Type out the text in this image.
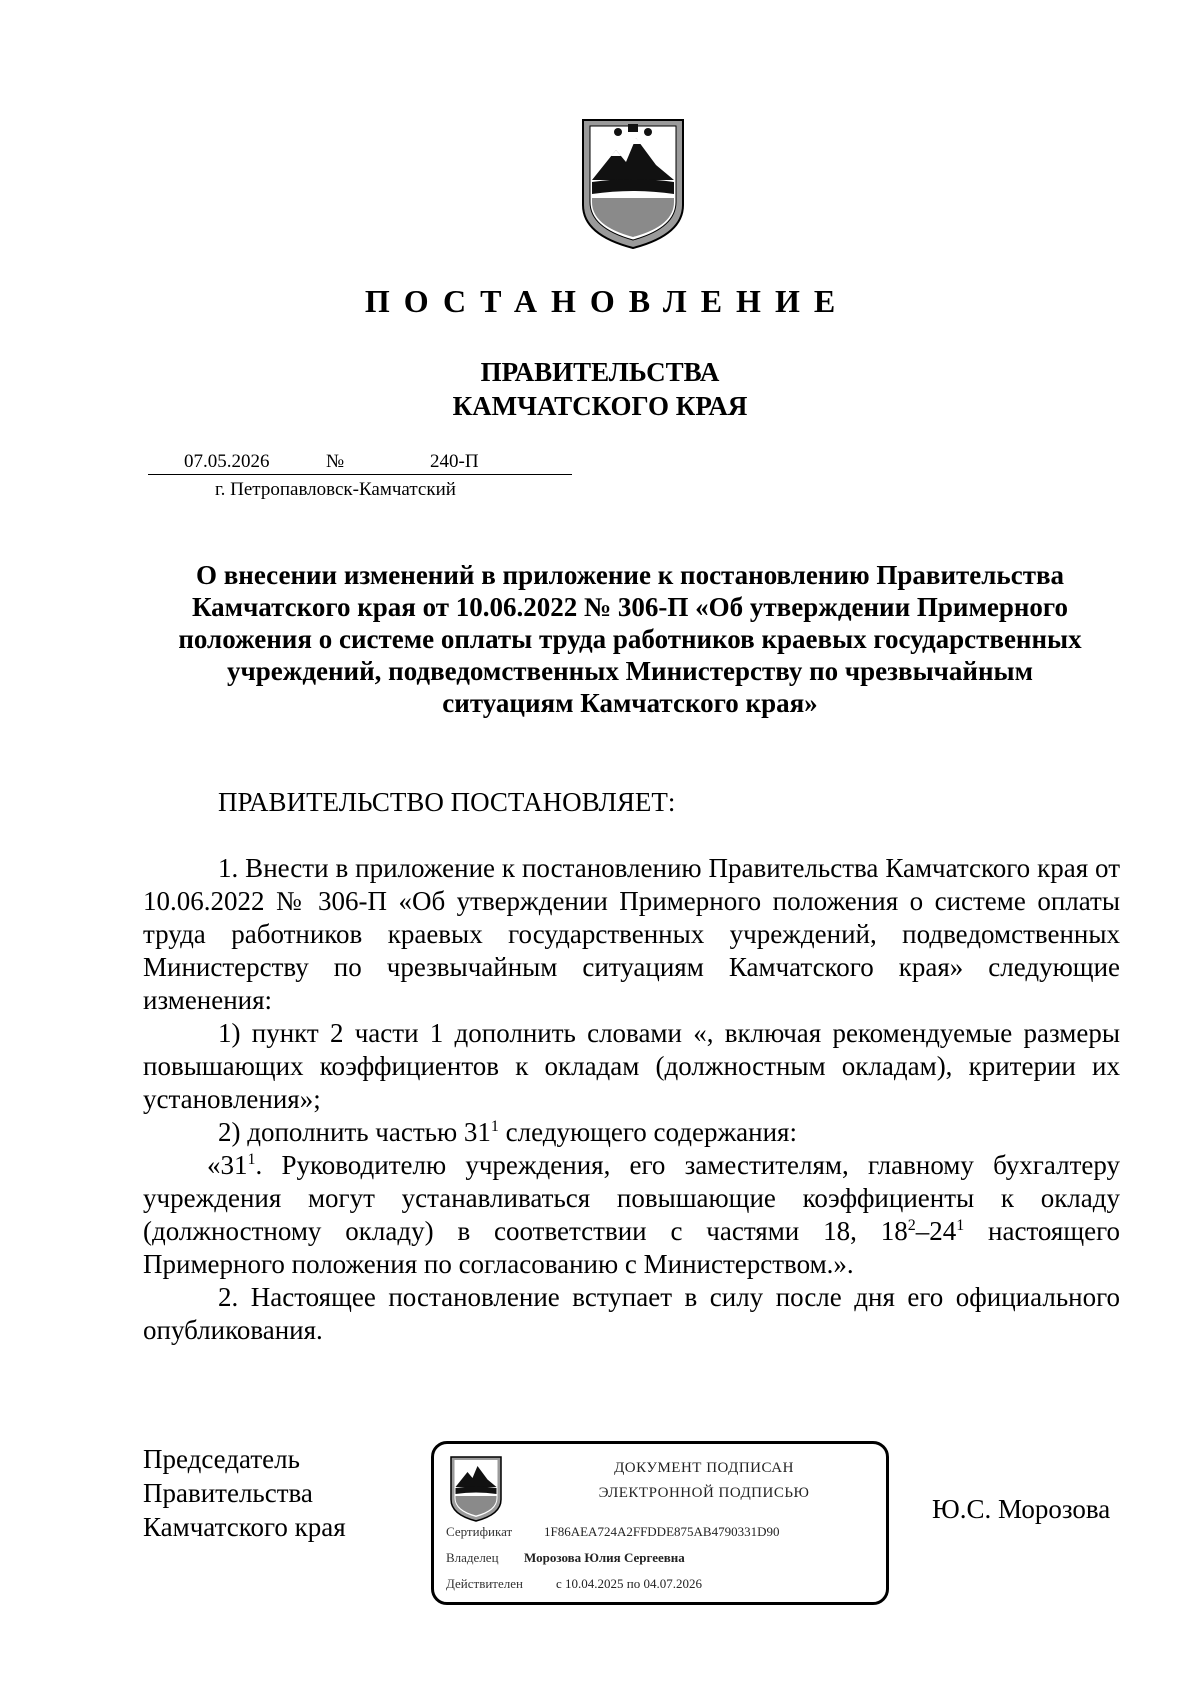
ПОСТАНОВЛЕНИЕ
ПРАВИТЕЛЬСТВА
КАМЧАТСКОГО КРАЯ
07.05.2026	№	240-П
г. Петропавловск-Камчатский
О внесении изменений в приложение к постановлению Правительства
Камчатского края от 10.06.2022 № 306-П «Об утверждении Примерного
положения о системе оплаты труда работников краевых государственных
учреждений, подведомственных Министерству по чрезвычайным
ситуациям Камчатского края»
ПРАВИТЕЛЬСТВО ПОСТАНОВЛЯЕТ:

1. Внести в приложение к постановлению Правительства Камчатского края от 10.06.2022 № 306-П «Об утверждении Примерного положения о системе оплаты труда работников краевых государственных учреждений, подведомственных Министерству по чрезвычайным ситуациям Камчатского края» следующие изменения:

1) пункт 2 части 1 дополнить словами «, включая рекомендуемые размеры повышающих коэффициентов к окладам (должностным окладам), критерии их установления»;

2) дополнить частью $31^1$ следующего содержания:

«$31^1$. Руководителю учреждения, его заместителям, главному бухгалтеру учреждения могут устанавливаться повышающие коэффициенты к окладу (должностному окладу) в соответствии с частями 18, $18^2-24^1$ настоящего Примерного положения по согласованию с Министерством.».

2. Настоящее постановление вступает в силу после дня его официального опубликования.

Председатель
Правительства
Камчатского края
ДОКУМЕНТ ПОДПИСАН
ЭЛЕКТРОННОЙ ПОДПИСЬЮ
Сертификат 1F86AEA724A2FFDDE875AB4790331D90
Владелец Морозова Юлия Сергеевна
Действителен	с 10.04.2025 по 04.07.2026
Ю.С. Морозова
